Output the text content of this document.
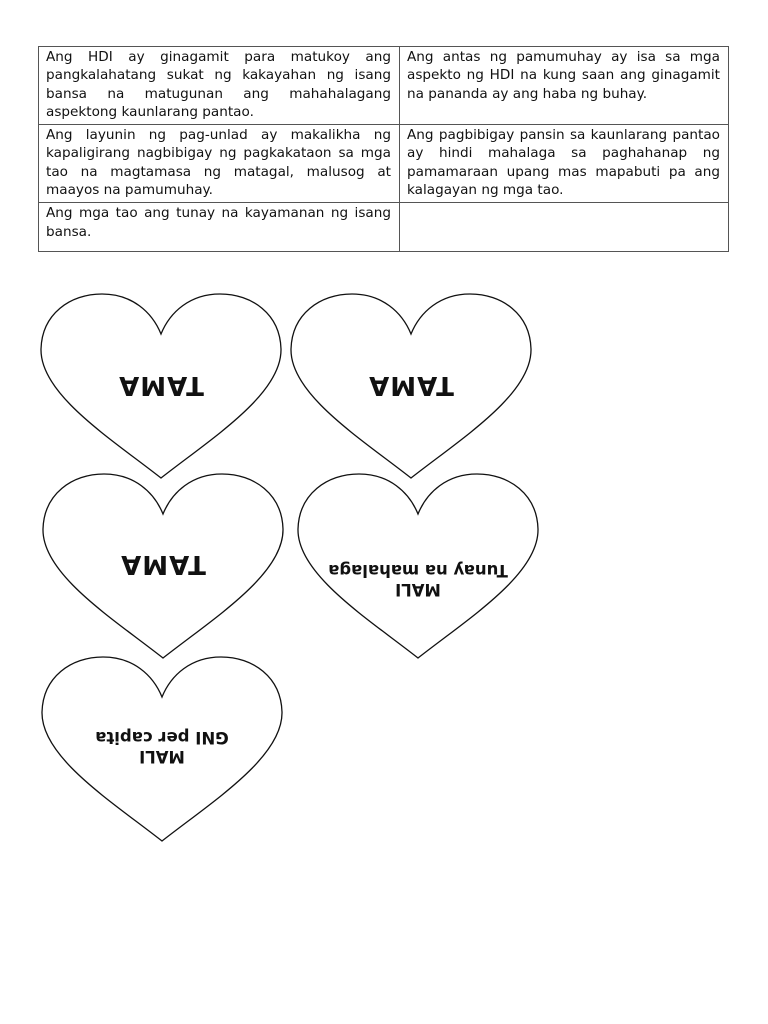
Ang HDI ay ginagamit para matukoy ang pangkalahatang sukat ng kakayahan ng isang bansa na matugunan ang mahahalagang aspektong kaunlarang pantao.	Ang antas ng pamumuhay ay isa sa mga aspekto ng HDI na kung saan ang ginagamit na pananda ay ang haba ng buhay.
Ang layunin ng pag-unlad ay makalikha ng kapaligirang nagbibigay ng pagkakataon sa mga tao na magtamasa ng matagal, malusog at maayos na pamumuhay.	Ang pagbibigay pansin sa kaunlarang pantao ay hindi mahalaga sa paghahanap ng pamamaraan upang mas mapabuti pa ang kalagayan ng mga tao.
Ang mga tao ang tunay na kayamanan ng isang bansa.	
TAMA	TAMA
TAMA
MALI
Tunay na mahalaga
MALI
GNI per capita
